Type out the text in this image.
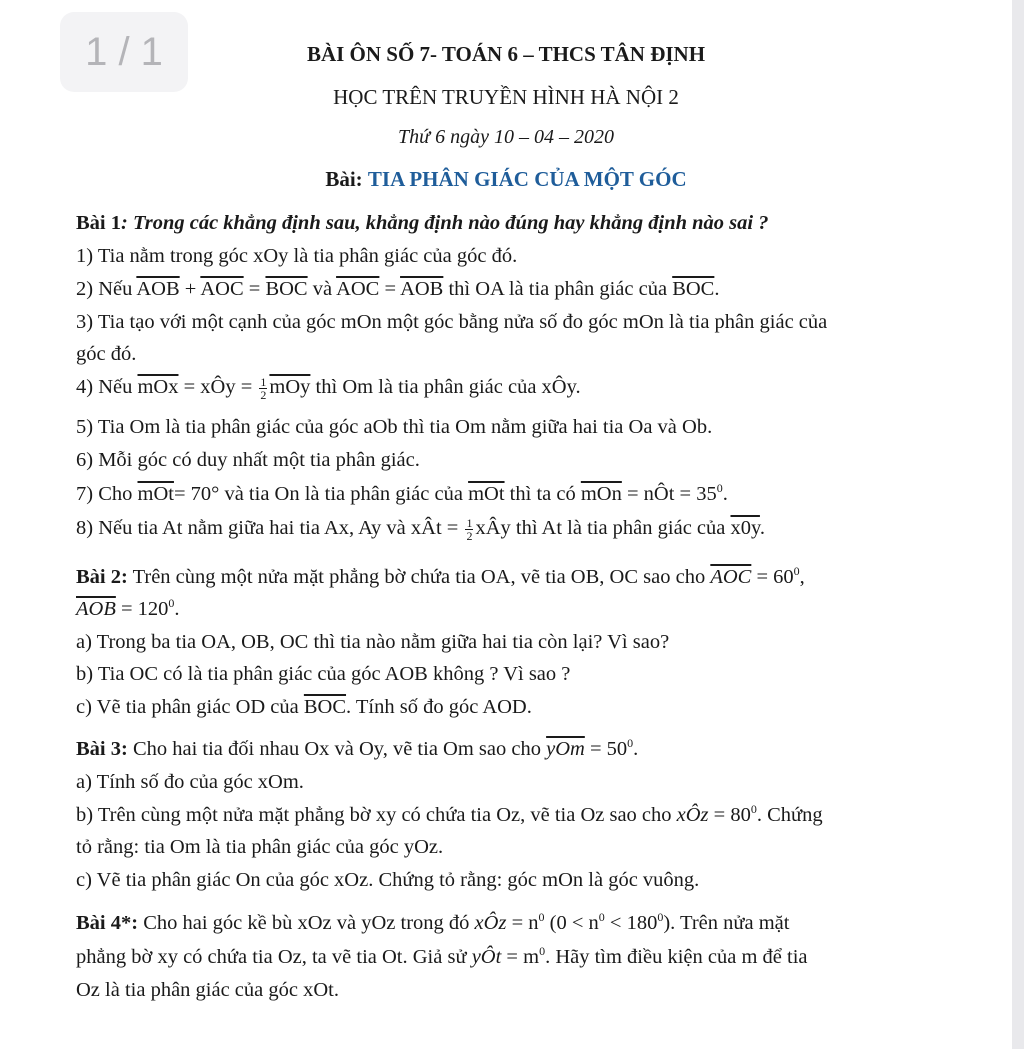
1 / 1	BÀI ÔN SỐ 7- TOÁN 6 – THCS TÂN ĐỊNH
HỌC TRÊN TRUYỀN HÌNH HÀ NỘI 2
Thứ 6 ngày 10 – 04 – 2020
Bài: TIA PHÂN GIÁC CỦA MỘT GÓC
Bài 1: Trong các khẳng định sau, khẳng định nào đúng hay khẳng định nào sai ?
1) Tia nằm trong góc xOy là tia phân giác của góc đó.
2) Nếu $\overline{AOB} + \overline{AOC} = \overline{BOC}$ và $\overline{AOC} = \overline{AOB}$ thì OA là tia phân giác của $\overline{BOC}$.
3) Tia tạo với một cạnh của góc mOn một góc bằng nửa số đo góc mOn là tia phân giác của
góc đó.
4) Nếu $\overline{mOx}$ = xÔy = $\frac{1}{2} \overline{mOy}$ thì Om là tia phân giác của xÔy.
5) Tia Om là tia phân giác của góc aOb thì tia Om nằm giữa hai tia Oa và Ob.
6) Mỗi góc có duy nhất một tia phân giác.
7) Cho $\overline{mOt}= 70^\circ$ và tia On là tia phân giác của $\overline{mOt}$ thì ta có $\overline{mOn}$ = nÔt = $35^0$.
8) Nếu tia At nằm giữa hai tia Ax, Ay và xÂt = $\frac{1}{2}$ xÂy thì At là tia phân giác của x0y.
Bài 2: Trên cùng một nửa mặt phẳng bờ chứa tia OA, vẽ tia OB, OC sao cho $\overline{AOC} = 60^0$,
$\overline{AOB} = 120^0$.
a) Trong ba tia OA, OB, OC thì tia nào nằm giữa hai tia còn lại? Vì sao?
b) Tia OC có là tia phân giác của góc AOB không ? Vì sao ?
c) Vẽ tia phân giác OD của $\overline{BOC}$. Tính số đo góc AOD.
Bài 3: Cho hai tia đối nhau Ox và Oy, vẽ tia Om sao cho $\overline{yOm} = 50^0$.
a) Tính số đo của góc xOm.
b) Trên cùng một nửa mặt phẳng bờ xy có chứa tia Oz, vẽ tia Oz sao cho xÔz = $80^0$. Chứng
tỏ rằng: tia Om là tia phân giác của góc yOz.
c) Vẽ tia phân giác On của góc xOz. Chứng tỏ rằng: góc mOn là góc vuông.
Bài 4*: Cho hai góc kề bù xOz và yOz trong đó xÔz = $n^0$ $(0 < n^0 < 180^0)$. Trên nửa mặt
phẳng bờ xy có chứa tia Oz, ta vẽ tia Ot. Giả sử yÔt = $m^0$. Hãy tìm điều kiện của m để tia
Oz là tia phân giác của góc xOt.
